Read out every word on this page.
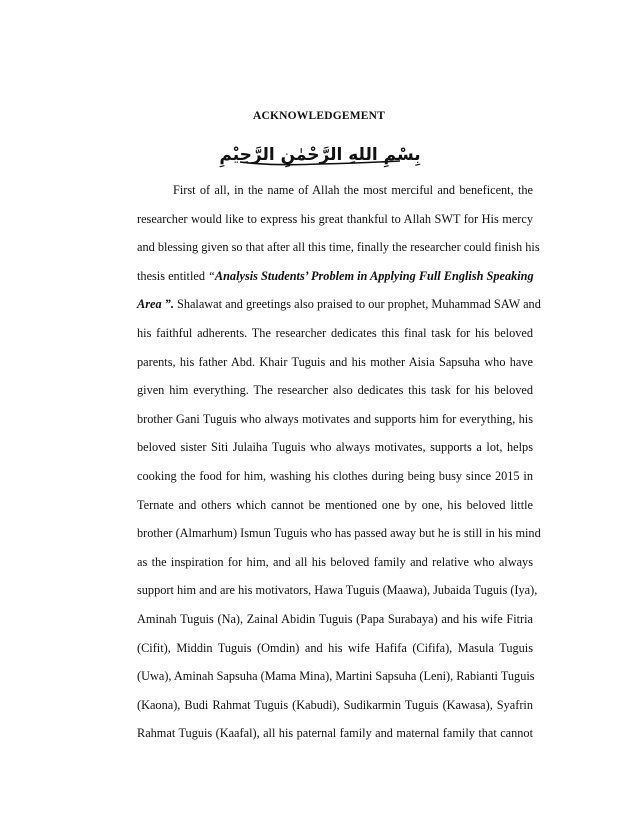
ACKNOWLEDGEMENT
بِسْمِ اللهِ الرَّحْمٰنِ الرَّحِيْمِ
First of all, in the name of Allah the most merciful and beneficent, the
researcher would like to express his great thankful to Allah SWT for His mercy
and blessing given so that after all this time, finally the researcher could finish his
thesis entitled “Analysis Students’ Problem in Applying Full English Speaking
Area ”. Shalawat and greetings also praised to our prophet, Muhammad SAW and
his faithful adherents. The researcher dedicates this final task for his beloved
parents, his father Abd. Khair Tuguis and his mother Aisia Sapsuha who have
given him everything. The researcher also dedicates this task for his beloved
brother Gani Tuguis who always motivates and supports him for everything, his
beloved sister Siti Julaiha Tuguis who always motivates, supports a lot, helps
cooking the food for him, washing his clothes during being busy since 2015 in
Ternate and others which cannot be mentioned one by one, his beloved little
brother (Almarhum) Ismun Tuguis who has passed away but he is still in his mind
as the inspiration for him, and all his beloved family and relative who always
support him and are his motivators, Hawa Tuguis (Maawa), Jubaida Tuguis (Iya),
Aminah Tuguis (Na), Zainal Abidin Tuguis (Papa Surabaya) and his wife Fitria
(Cifit), Middin Tuguis (Omdin) and his wife Hafifa (Cififa), Masula Tuguis
(Uwa), Aminah Sapsuha (Mama Mina), Martini Sapsuha (Leni), Rabianti Tuguis
(Kaona), Budi Rahmat Tuguis (Kabudi), Sudikarmin Tuguis (Kawasa), Syafrin
Rahmat Tuguis (Kaafal), all his paternal family and maternal family that cannot
